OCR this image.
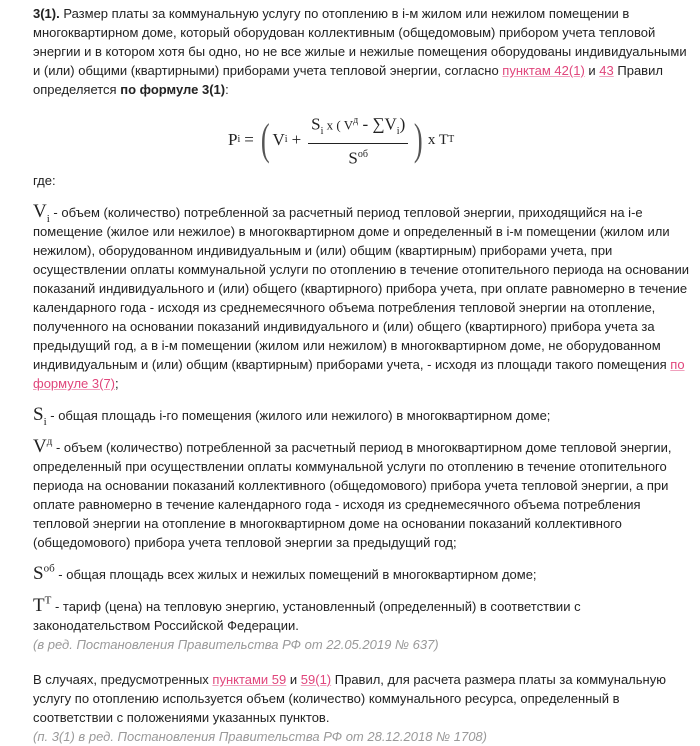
3(1). Размер платы за коммунальную услугу по отоплению в i-м жилом или нежилом помещении в многоквартирном доме, который оборудован коллективным (общедомовым) прибором учета тепловой энергии и в котором хотя бы одно, но не все жилые и нежилые помещения оборудованы индивидуальными и (или) общими (квартирными) приборами учета тепловой энергии, согласно пунктам 42(1) и 43 Правил определяется по формуле 3(1):

P i = ( V $i + \frac{S_i x ( V^д - \sum V_i)}{S^{об}}$ ) x T T

где:

$V_i$ - объем (количество) потребленной за расчетный период тепловой энергии, приходящийся на i-е помещение (жилое или нежилое) в многоквартирном доме и определенный в i-м помещении (жилом или нежилом), оборудованном индивидуальным и (или) общим (квартирным) приборами учета, при осуществлении оплаты коммунальной услуги по отоплению в течение отопительного периода на основании показаний индивидуального и (или) общего (квартирного) прибора учета, при оплате равномерно в течение календарного года - исходя из среднемесячного объема потребления тепловой энергии на отопление, полученного на основании показаний индивидуального и (или) общего (квартирного) прибора учета за предыдущий год, а в i-м помещении (жилом или нежилом) в многоквартирном доме, не оборудованном индивидуальным и (или) общим (квартирным) приборами учета, - исходя из площади такого помещения по формуле 3(7);

$S_i$ - общая площадь i-го помещения (жилого или нежилого) в многоквартирном доме;

$V^д$ - объем (количество) потребленной за расчетный период в многоквартирном доме тепловой энергии, определенный при осуществлении оплаты коммунальной услуги по отоплению в течение отопительного периода на основании показаний коллективного (общедомового) прибора учета тепловой энергии, а при оплате равномерно в течение календарного года - исходя из среднемесячного объема потребления тепловой энергии на отопление в многоквартирном доме на основании показаний коллективного (общедомового) прибора учета тепловой энергии за предыдущий год;

$S^{об}$ - общая площадь всех жилых и нежилых помещений в многоквартирном доме;

$T^T$ - тариф (цена) на тепловую энергию, установленный (определенный) в соответствии с законодательством Российской Федерации.

(в ред. Постановления Правительства РФ от 22.05.2019 № 637)

В случаях, предусмотренных пунктами 59 и 59(1) Правил, для расчета размера платы за коммунальную услугу по отоплению используется объем (количество) коммунального ресурса, определенный в соответствии с положениями указанных пунктов.

(п. 3(1) в ред. Постановления Правительства РФ от 28.12.2018 № 1708)
